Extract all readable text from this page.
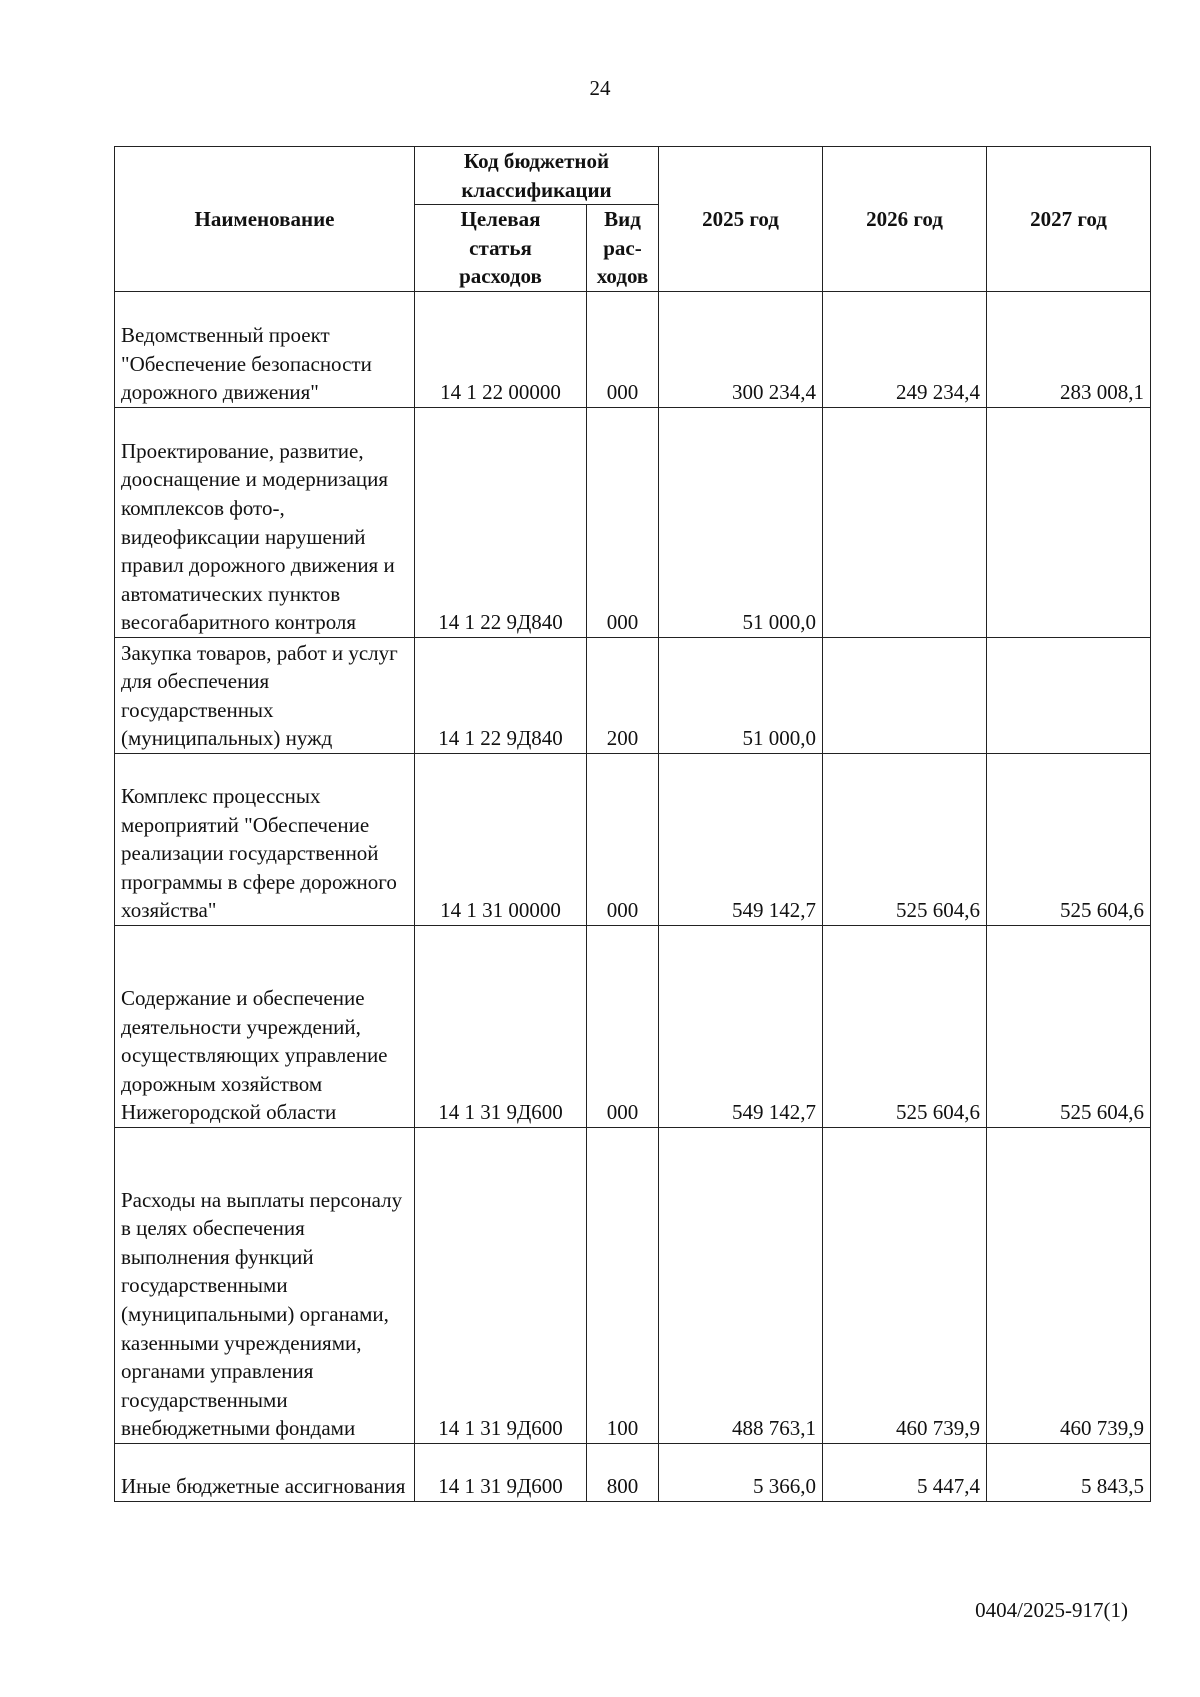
24
Наименование	Код бюджетной классификации		2025 год	2026 год	2027 год
	Целевая статья расходов	Вид рас-ходов			
Ведомственный проект "Обеспечение безопасности дорожного движения"	14 1 22 00000	000	300 234,4	249 234,4	283 008,1
Проектирование, развитие, дооснащение и модернизация комплексов фото-, видеофиксации нарушений правил дорожного движения и автоматических пунктов весогабаритного контроля	14 1 22 9Д840	000	51 000,0		
Закупка товаров, работ и услуг для обеспечения государственных (муниципальных) нужд	14 1 22 9Д840	200	51 000,0		
Комплекс процессных мероприятий "Обеспечение реализации государственной программы в сфере дорожного хозяйства"	14 1 31 00000	000	549 142,7	525 604,6	525 604,6
Содержание и обеспечение деятельности учреждений, осуществляющих управление дорожным хозяйством Нижегородской области	14 1 31 9Д600	000	549 142,7	525 604,6	525 604,6
Расходы на выплаты персоналу в целях обеспечения выполнения функций государственными (муниципальными) органами, казенными учреждениями, органами управления государственными внебюджетными фондами	14 1 31 9Д600	100	488 763,1	460 739,9	460 739,9
Иные бюджетные ассигнования	14 1 31 9Д600	800	5 366,0	5 447,4	5 843,5
0404/2025-917(1)
